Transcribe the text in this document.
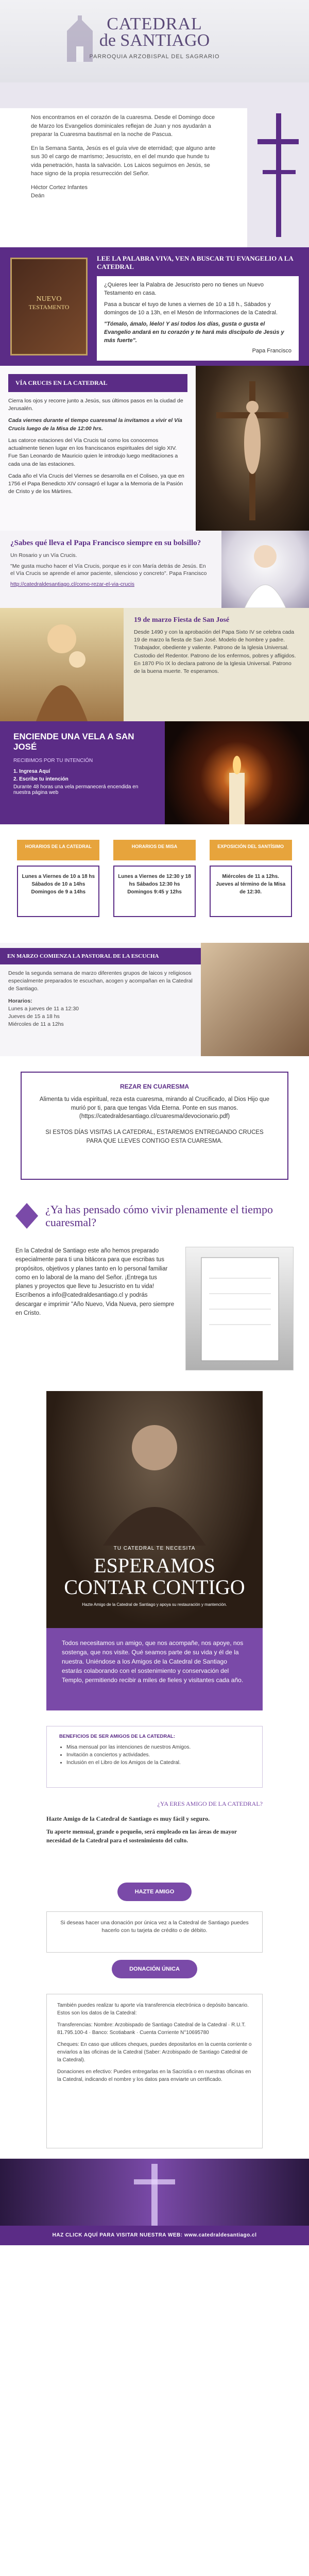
CATEDRAL
de SANTIAGO
PARROQUIA ARZOBISPAL DEL SAGRARIO

Nos encontramos en el corazón de la cuaresma. Desde el Domingo doce de Marzo los Evangelios dominicales reflejan de Juan y nos ayudarán a preparar la Cuaresma bautismal en la noche de Pascua.

En la Semana Santa, Jesús es el guía vive de eternidad; que alguno ante sus 30 el cargo de marrismo; Jesucristo, en el del mundo que hunde tu vida penetración, hasta la salvación. Los Laicos seguimos en Jesús, se hace signo de la propia resurrección del Señor.

Héctor Cortez Infantes
Deán

NUEVO
TESTAMENTO
LEE LA PALABRA VIVA, VEN A BUSCAR TU EVANGELIO A LA CATEDRAL

¿Quieres leer la Palabra de Jesucristo pero no tienes un Nuevo Testamento en casa.

Pasa a buscar el tuyo de lunes a viernes de 10 a 18 h., Sábados y domingos de 10 a 13h, en el Mesón de Informaciones de la Catedral.

"Tómalo, ámalo, léelo! Y así todos los días, gusta o gusta el Evangelio andará en tu corazón y te hará más discípulo de Jesús y más fuerte".

Papa Francisco

VÍA CRUCIS EN LA CATEDRAL

Cierra los ojos y recorre junto a Jesús, sus últimos pasos en la ciudad de Jerusalén.

Cada viernes durante el tiempo cuaresmal la invitamos a vivir el Vía Crucis luego de la Misa de 12:00 hrs.

Las catorce estaciones del Vía Crucis tal como los conocemos actualmente tienen lugar en los franciscanos espirituales del siglo XIV. Fue San Leonardo de Mauricio quien le introdujo luego meditaciones a cada una de las estaciones.

Cada año el Vía Crucis del Viernes se desarrolla en el Coliseo, ya que en 1756 el Papa Benedicto XIV consagró el lugar a la Memoria de la Pasión de Cristo y de los Mártires.

¿Sabes qué lleva el Papa Francisco siempre en su bolsillo?

Un Rosario y un Vía Crucis.

"Me gusta mucho hacer el Vía Crucis, porque es ir con María detrás de Jesús. En el Vía Crucis se aprende el amor paciente, silencioso y concreto". Papa Francisco

http://catedraldesantiago.cl/como-rezar-el-via-crucis

19 de marzo Fiesta de San José
Desde 1490 y con la aprobación del Papa Sixto IV se celebra cada 19 de marzo la fiesta de San José. Modelo de hombre y padre. Trabajador, obediente y valiente. Patrono de la Iglesia Universal. Custodio del Redentor. Patrono de los enfermos, pobres y afligidos. En 1870 Pío IX lo declara patrono de la Iglesia Universal. Patrono de la buena muerte. Te esperamos.
ENCIENDE UNA VELA A SAN JOSÉ
RECIBIMOS POR TU INTENCIÓN
1. Ingresa Aquí
2. Escribe tu intención
Durante 48 horas una vela permanecerá encendida en nuestra página web
HORARIOS DE LA CATEDRAL
Lunes a Viernes de 10 a 18 hs Sábados de 10 a 14hs Domingos de 9 a 14hs
HORARIOS DE MISA
Lunes a Viernes de 12:30 y 18 hs Sábados 12:30 hs Domingos 9:45 y 12hs
EXPOSICIÓN DEL SANTÍSIMO
Miércoles de 11 a 12hs. Jueves al término de la Misa de 12:30.
EN MARZO COMIENZA LA PASTORAL DE LA ESCUCHA

Desde la segunda semana de marzo diferentes grupos de laicos y religiosos especialmente preparados te escuchan, acogen y acompañan en la Catedral de Santiago.

Horarios:

Lunes a jueves de 11 a 12:30

Jueves de 15 a 18 hs

Miércoles de 11 a 12hs

REZAR EN CUARESMA
Alimenta tu vida espiritual, reza esta cuaresma, mirando al Crucificado, al Dios Hijo que murió por ti, para que tengas Vida Eterna. Ponte en sus manos. (https://catedraldesantiago.cl/cuaresma/devocionario.pdf)
SI ESTOS DÍAS VISITAS LA CATEDRAL, ESTAREMOS ENTREGANDO CRUCES PARA QUE LLEVES CONTIGO ESTA CUARESMA.
¿Ya has pensado cómo vivir plenamente el tiempo cuaresmal?
En la Catedral de Santiago este año hemos preparado especialmente para ti una bitácora para que escribas tus propósitos, objetivos y planes tanto en lo personal familiar como en lo laboral de la mano del Señor. ¡Entrega tus planes y proyectos que lleve tu Jesucristo en tu vida! Escríbenos a info@catedraldesantiago.cl y podrás descargar e imprimir "Año Nuevo, Vida Nueva, pero siempre en Cristo.
TU CATEDRAL TE NECESITA
ESPERAMOS
CONTAR CONTIGO
Hazte Amigo de la Catedral de Santiago y apoya su restauración y mantención.
Todos necesitamos un amigo, que nos acompañe, nos apoye, nos sostenga, que nos visite. Qué seamos parte de su vida y él de la nuestra. Uniéndose a los Amigos de la Catedral de Santiago estarás colaborando con el sostenimiento y conservación del Templo, permitiendo recibir a miles de fieles y visitantes cada año.
BENEFICIOS DE SER AMIGOS DE LA CATEDRAL:
• Misa mensual por las intenciones de nuestros Amigos.
• Invitación a conciertos y actividades.
• Inclusión en el Libro de los Amigos de la Catedral.
¿YA ERES AMIGO DE LA CATEDRAL?
Hazte Amigo de la Catedral de Santiago es muy fácil y seguro.
Tu aporte mensual, grande o pequeño, será empleado en las áreas de mayor necesidad de la Catedral para el sostenimiento del culto.
HAZTE AMIGO
Si deseas hacer una donación por única vez a la Catedral de Santiago puedes hacerlo con tu tarjeta de crédito o de débito.
DONACIÓN ÚNICA

También puedes realizar tu aporte vía transferencia electrónica o depósito bancario. Estos son los datos de la Catedral:

Transferencias: Nombre: Arzobispado de Santiago Catedral de la Catedral · R.U.T. 81.795.100-4 · Banco: Scotiabank · Cuenta Corriente N°10695780

Cheques: En caso que utilices cheques, puedes depositarlos en la cuenta corriente o enviarlos a las oficinas de la Catedral (Saber: Arzobispado de Santiago Catedral de la Catedral).

Donaciones en efectivo: Puedes entregarlas en la Sacristía o en nuestras oficinas en la Catedral, indicando el nombre y los datos para enviarte un certificado.

HAZ CLICK AQUÍ PARA VISITAR NUESTRA WEB: www.catedraldesantiago.cl
